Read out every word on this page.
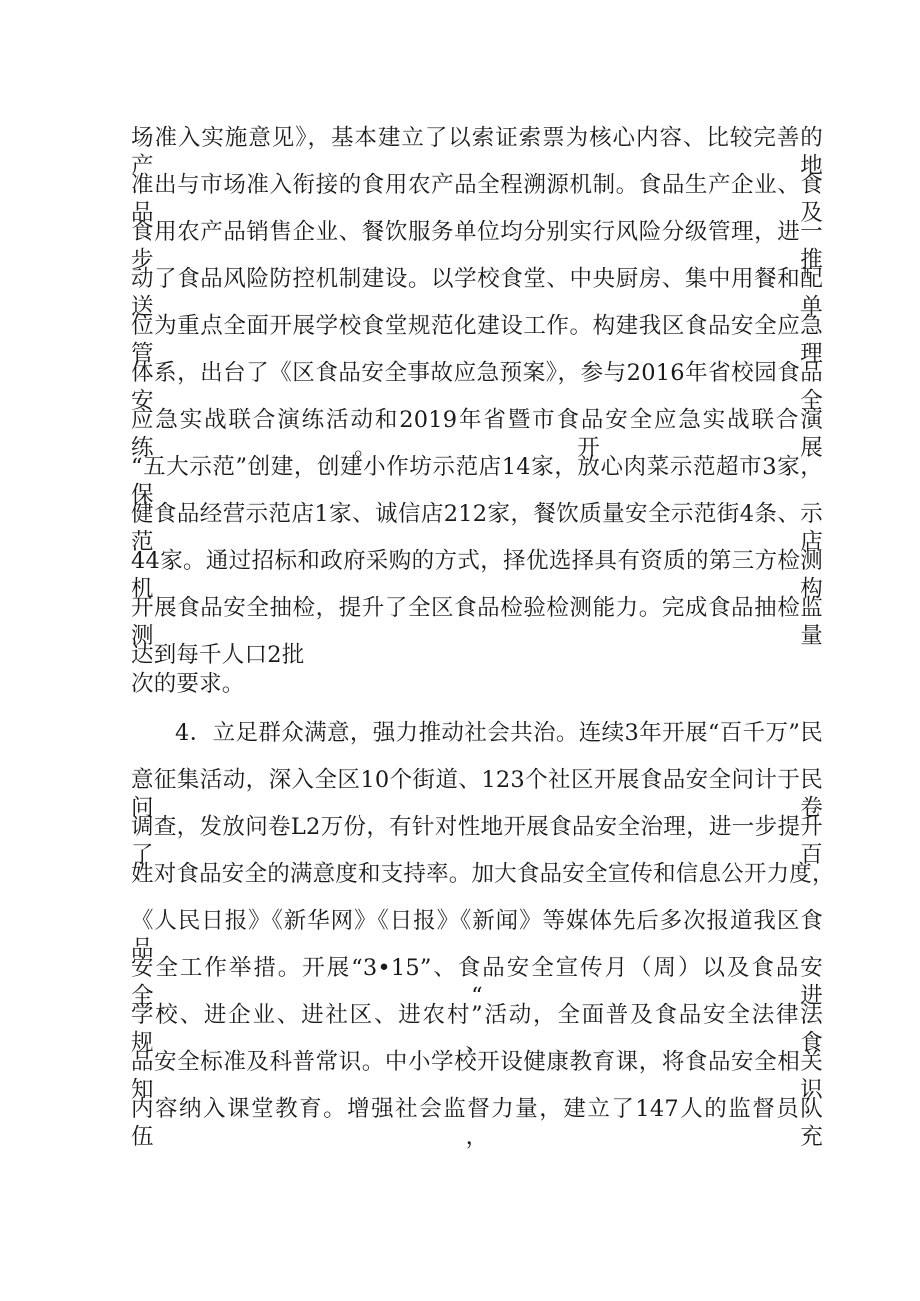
场准入实施意见》，基本建立了以索证索票为核心内容、比较完善的产地
准出与市场准入衔接的食用农产品全程溯源机制。食品生产企业、食品及
食用农产品销售企业、餐饮服务单位均分别实行风险分级管理，进一步推
动了食品风险防控机制建设。以学校食堂、中央厨房、集中用餐和配送单
位为重点全面开展学校食堂规范化建设工作。构建我区食品安全应急管理
体系，出台了《区食品安全事故应急预案》，参与2016年省校园食品安全
应急实战联合演练活动和2019年省暨市食品安全应急实战联合演练。开展
“五大示范”创建，创建小作坊示范店14家，放心肉菜示范超市3家，保
健食品经营示范店1家、诚信店212家，餐饮质量安全示范街4条、示范店
44家。通过招标和政府采购的方式，择优选择具有资质的第三方检测机构
开展食品安全抽检，提升了全区食品检验检测能力。完成食品抽检监测量
达到每千人口2批
次的要求。
4．立足群众满意，强力推动社会共治。连续3年开展“百千万”民
意征集活动，深入全区10个街道、123个社区开展食品安全问计于民问卷
调查，发放问卷L2万份，有针对性地开展食品安全治理，进一步提升了百
姓对食品安全的满意度和支持率。加大食品安全宣传和信息公开力度，
《人民日报》《新华网》《日报》《新闻》等媒体先后多次报道我区食品
安全工作举措。开展“3•15”、食品安全宣传月（周）以及食品安全“进
学校、进企业、进社区、进农村”活动，全面普及食品安全法律法规、食
品安全标准及科普常识。中小学校开设健康教育课，将食品安全相关知识
内容纳入课堂教育。增强社会监督力量，建立了147人的监督员队伍，充
